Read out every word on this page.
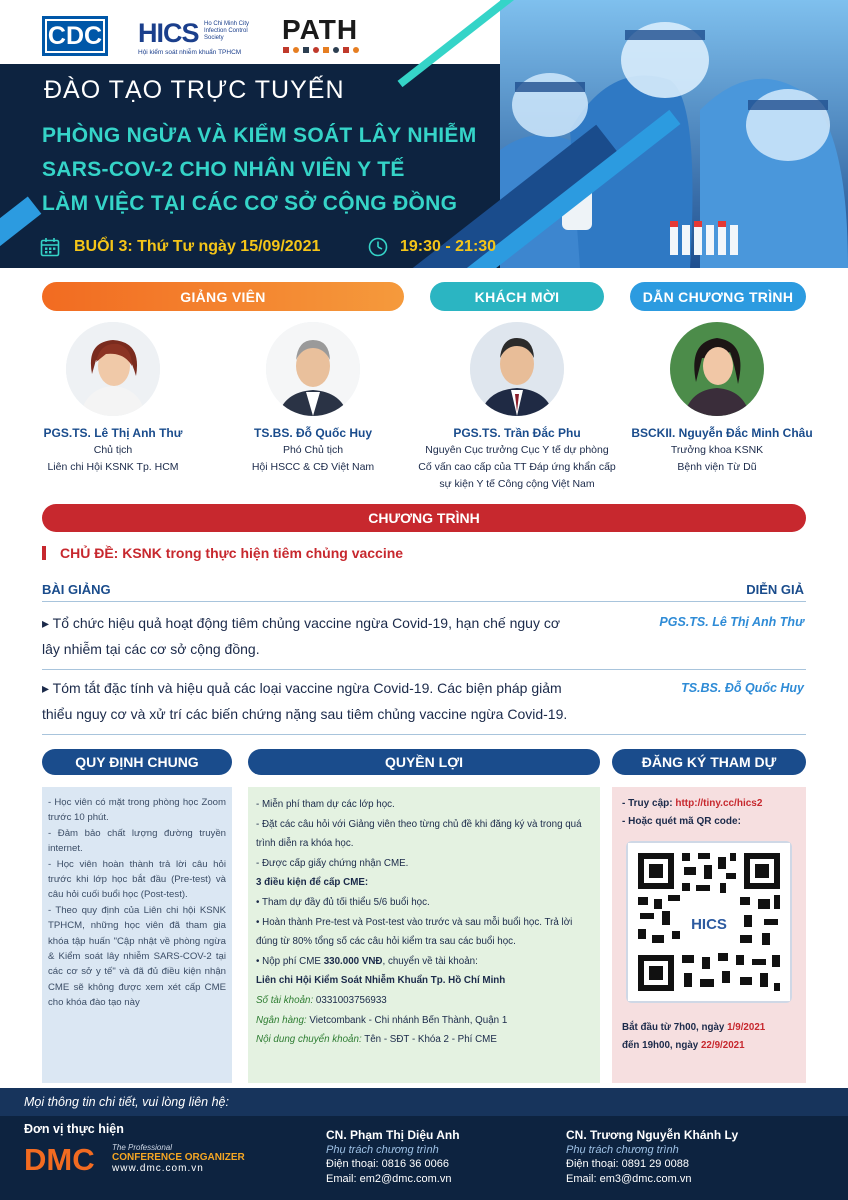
CDC HICS Ho Chi Minh City Infection Control Society
Hội kiểm soát nhiễm khuẩn TPHCM
PATH
ĐÀO TẠO TRỰC TUYẾN
PHÒNG NGỪA VÀ KIỂM SOÁT LÂY NHIỄM
SARS-COV-2 CHO NHÂN VIÊN Y TẾ
LÀM VIỆC TẠI CÁC CƠ SỞ CỘNG ĐỒNG
BUỔI 3: Thứ Tư ngày 15/09/2021	19:30 - 21:30
GIẢNG VIÊN	KHÁCH MỜI	DẪN CHƯƠNG TRÌNH
PGS.TS. Lê Thị Anh Thư
Chủ tịch
Liên chi Hội KSNK Tp. HCM
TS.BS. Đỗ Quốc Huy
Phó Chủ tịch
Hội HSCC & CĐ Việt Nam
PGS.TS. Trần Đắc Phu
Nguyên Cục trưởng Cục Y tế dự phòng
Cố vấn cao cấp của TT Đáp ứng khẩn cấp
sự kiện Y tế Công cộng Việt Nam
BSCKII. Nguyễn Đắc Minh Châu
Trưởng khoa KSNK
Bệnh viện Từ Dũ
CHƯƠNG TRÌNH
CHỦ ĐỀ: KSNK trong thực hiện tiêm chủng vaccine
BÀI GIẢNG	DIỄN GIẢ
▸ Tổ chức hiệu quả hoạt động tiêm chủng vaccine ngừa Covid-19, hạn chế nguy cơ
lây nhiễm tại các cơ sở cộng đồng.
PGS.TS. Lê Thị Anh Thư
▸ Tóm tắt đặc tính và hiệu quả các loại vaccine ngừa Covid-19. Các biện pháp giảm
thiểu nguy cơ và xử trí các biến chứng nặng sau tiêm chủng vaccine ngừa Covid-19.
TS.BS. Đỗ Quốc Huy
QUY ĐỊNH CHUNG	QUYỀN LỢI	ĐĂNG KÝ THAM DỰ

- Học viên có mặt trong phòng học Zoom trước 10 phút.

- Đảm bảo chất lượng đường truyền internet.

- Học viên hoàn thành trả lời câu hỏi trước khi lớp học bắt đầu (Pre-test) và câu hỏi cuối buổi học (Post-test).

- Theo quy định của Liên chi hội KSNK TPHCM, những học viên đã tham gia khóa tập huấn "Cập nhật về phòng ngừa & Kiểm soát lây nhiễm SARS-COV-2 tại các cơ sở y tế" và đã đủ điều kiện nhận CME sẽ không được xem xét cấp CME cho khóa đào tạo này

- Miễn phí tham dự các lớp học.

- Đặt các câu hỏi với Giảng viên theo từng chủ đề khi đăng ký và trong quá trình diễn ra khóa học.

- Được cấp giấy chứng nhận CME.

3 điều kiện để cấp CME:

• Tham dự đầy đủ tối thiểu 5/6 buổi học.

• Hoàn thành Pre-test và Post-test vào trước và sau mỗi buổi học. Trả lời đúng từ 80% tổng số các câu hỏi kiểm tra sau các buổi học.

• Nộp phí CME 330.000 VNĐ, chuyển về tài khoản:

Liên chi Hội Kiểm Soát Nhiễm Khuẩn Tp. Hồ Chí Minh

Số tài khoản: 0331003756933

Ngân hàng: Vietcombank - Chi nhánh Bến Thành, Quận 1

Nội dung chuyển khoản: Tên - SĐT - Khóa 2 - Phí CME

- Truy cập: http://tiny.cc/hics2

- Hoặc quét mã QR code:

HICS

Bắt đầu từ 7h00, ngày 1/9/2021

đến 19h00, ngày 22/9/2021

Mọi thông tin chi tiết, vui lòng liên hệ:
Đơn vị thực hiện
DMC The Professional
CONFERENCE ORGANIZER
www.dmc.com.vn
CN. Phạm Thị Diệu Anh
Phụ trách chương trình
Điện thoại: 0816 36 0066
Email: em2@dmc.com.vn
CN. Trương Nguyễn Khánh Ly
Phụ trách chương trình
Điện thoại: 0891 29 0088
Email: em3@dmc.com.vn
